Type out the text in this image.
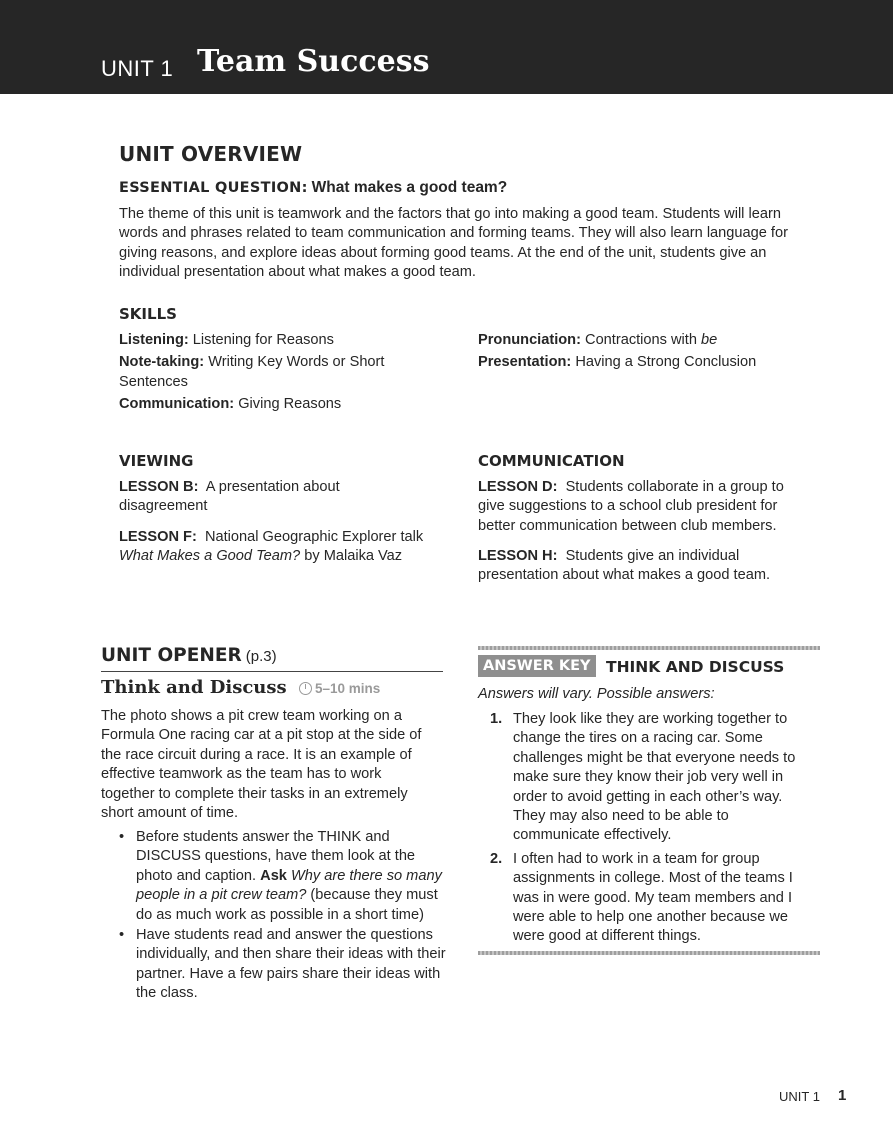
UNIT 1 Team Success
UNIT OVERVIEW
ESSENTIAL QUESTION: What makes a good team?
The theme of this unit is teamwork and the factors that go into making a good team. Students will learn words and phrases related to team communication and forming teams. They will also learn language for giving reasons, and explore ideas about forming good teams. At the end of the unit, students give an individual presentation about what makes a good team.
SKILLS
Listening: Listening for Reasons
Note-taking: Writing Key Words or Short Sentences
Communication: Giving Reasons
Pronunciation: Contractions with be
Presentation: Having a Strong Conclusion
VIEWING
LESSON B: A presentation about disagreement
LESSON F: National Geographic Explorer talk What Makes a Good Team? by Malaika Vaz
COMMUNICATION
LESSON D: Students collaborate in a group to give suggestions to a school club president for better communication between club members.
LESSON H: Students give an individual presentation about what makes a good team.
UNIT OPENER (p.3)
Think and Discuss 5–10 mins
The photo shows a pit crew team working on a Formula One racing car at a pit stop at the side of the race circuit during a race. It is an example of effective teamwork as the team has to work together to complete their tasks in an extremely short amount of time.
• Before students answer the THINK and DISCUSS questions, have them look at the photo and caption. Ask Why are there so many people in a pit crew team? (because they must do as much work as possible in a short time)
• Have students read and answer the questions individually, and then share their ideas with their partner. Have a few pairs share their ideas with the class.
ANSWER KEY THINK AND DISCUSS
Answers will vary. Possible answers:
1. They look like they are working together to change the tires on a racing car. Some challenges might be that everyone needs to make sure they know their job very well in order to avoid getting in each other’s way. They may also need to be able to communicate effectively.
2. I often had to work in a team for group assignments in college. Most of the teams I was in were good. My team members and I were able to help one another because we were good at different things.
UNIT 1 1
